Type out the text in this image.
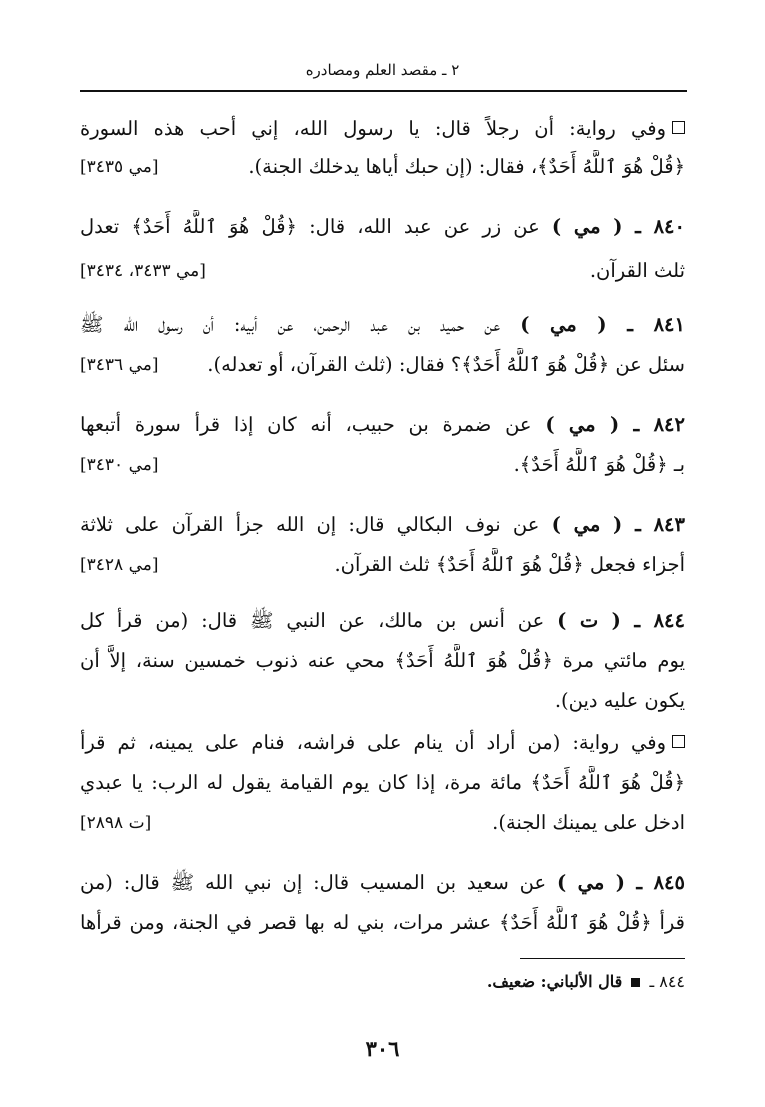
٢ ـ مقصد العلم ومصادره
وفي رواية: أن رجلاً قال: يا رسول الله، إني أحب هذه السورة
﴿قُلْ هُوَ ٱللَّهُ أَحَدٌ﴾، فقال: (إن حبك أياها يدخلك الجنة).
[مي ٣٤٣٥]
٨٤٠ ـ ( مي ) عن زر عن عبد الله، قال: ﴿قُلْ هُوَ ٱللَّهُ أَحَدٌ﴾ تعدل
ثلث القرآن.
[مي ٣٤٣٣، ٣٤٣٤]
٨٤١ ـ ( مي ) عن حميد بن عبد الرحمن، عن أبيه: أن رسول الله ﷺ
سئل عن ﴿قُلْ هُوَ ٱللَّهُ أَحَدٌ﴾؟ فقال: (ثلث القرآن، أو تعدله).
[مي ٣٤٣٦]
٨٤٢ ـ ( مي ) عن ضمرة بن حبيب، أنه كان إذا قرأ سورة أتبعها
بـ ﴿قُلْ هُوَ ٱللَّهُ أَحَدٌ﴾.
[مي ٣٤٣٠]
٨٤٣ ـ ( مي ) عن نوف البكالي قال: إن الله جزأ القرآن على ثلاثة
أجزاء فجعل ﴿قُلْ هُوَ ٱللَّهُ أَحَدٌ﴾ ثلث القرآن.
[مي ٣٤٢٨]
٨٤٤ ـ ( ت ) عن أنس بن مالك، عن النبي ﷺ قال: (من قرأ كل
يوم مائتي مرة ﴿قُلْ هُوَ ٱللَّهُ أَحَدٌ﴾ محي عنه ذنوب خمسين سنة، إلاَّ أن
يكون عليه دين).
وفي رواية: (من أراد أن ينام على فراشه، فنام على يمينه، ثم قرأ
﴿قُلْ هُوَ ٱللَّهُ أَحَدٌ﴾ مائة مرة، إذا كان يوم القيامة يقول له الرب: يا عبدي
ادخل على يمينك الجنة).
[ت ٢٨٩٨]
٨٤٥ ـ ( مي ) عن سعيد بن المسيب قال: إن نبي الله ﷺ قال: (من
قرأ ﴿قُلْ هُوَ ٱللَّهُ أَحَدٌ﴾ عشر مرات، بني له بها قصر في الجنة، ومن قرأها
٨٤٤ ـ  قال الألباني: ضعيف.
٣٠٦
